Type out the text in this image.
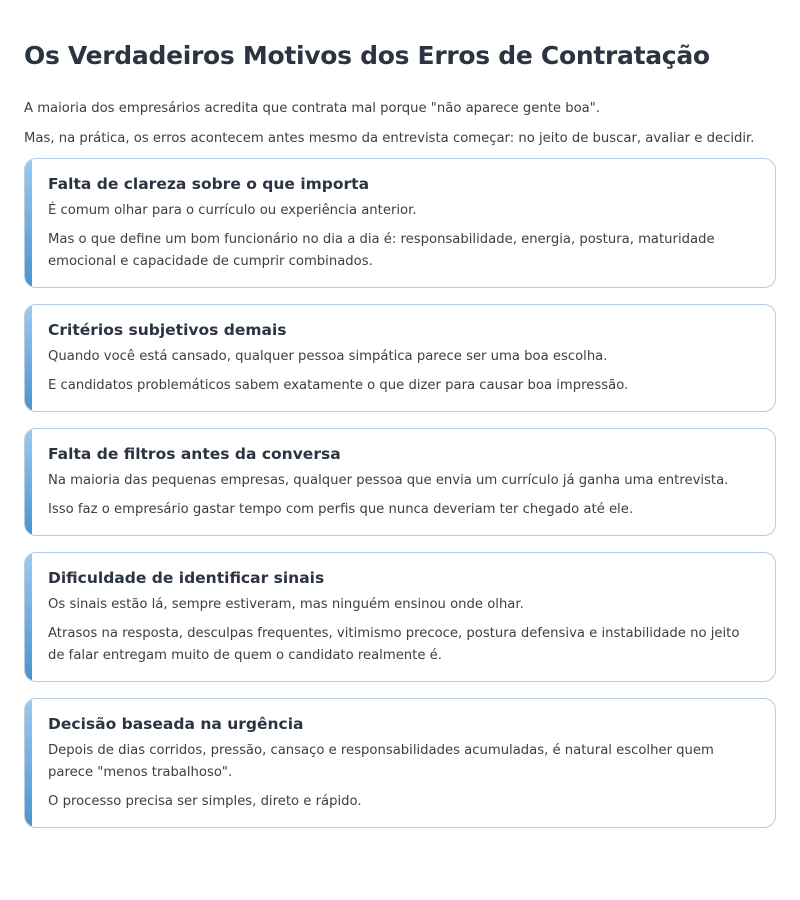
Os Verdadeiros Motivos dos Erros de Contratação

A maioria dos empresários acredita que contrata mal porque "não aparece gente boa".

Mas, na prática, os erros acontecem antes mesmo da entrevista começar: no jeito de buscar, avaliar e decidir.

Falta de clareza sobre o que importa

É comum olhar para o currículo ou experiência anterior.

Mas o que define um bom funcionário no dia a dia é: responsabilidade, energia, postura, maturidade emocional e capacidade de cumprir combinados.

Critérios subjetivos demais

Quando você está cansado, qualquer pessoa simpática parece ser uma boa escolha.

E candidatos problemáticos sabem exatamente o que dizer para causar boa impressão.

Falta de filtros antes da conversa

Na maioria das pequenas empresas, qualquer pessoa que envia um currículo já ganha uma entrevista.

Isso faz o empresário gastar tempo com perfis que nunca deveriam ter chegado até ele.

Dificuldade de identificar sinais

Os sinais estão lá, sempre estiveram, mas ninguém ensinou onde olhar.

Atrasos na resposta, desculpas frequentes, vitimismo precoce, postura defensiva e instabilidade no jeito de falar entregam muito de quem o candidato realmente é.

Decisão baseada na urgência

Depois de dias corridos, pressão, cansaço e responsabilidades acumuladas, é natural escolher quem parece "menos trabalhoso".

O processo precisa ser simples, direto e rápido.
